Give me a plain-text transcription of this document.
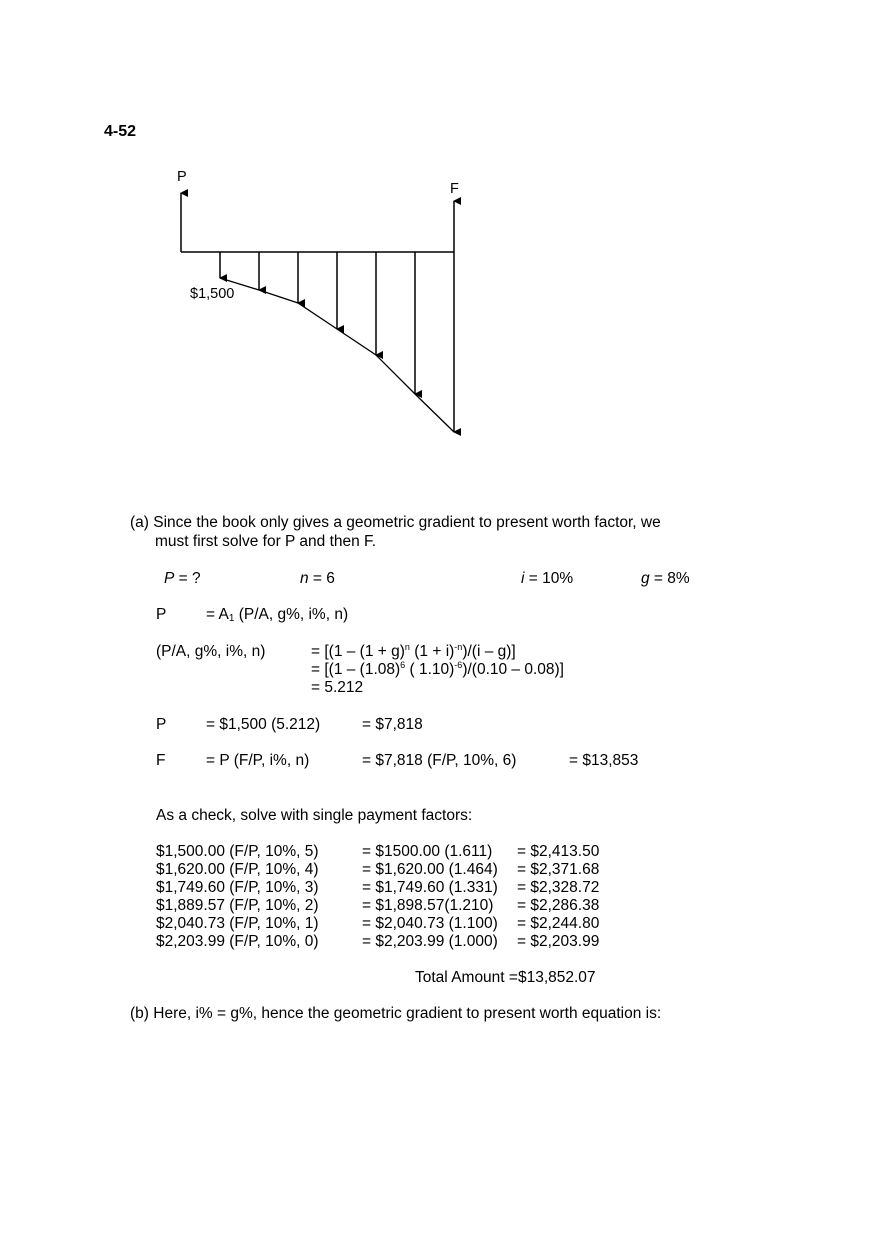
4-52
P
F
$1,500
(a) Since the book only gives a geometric gradient to present worth factor, we
must first solve for P and then F.
P = ?	n = 6	i = 10%	g = 8%
P	= $A_1$ (P/A, g%, i%, n)
(P/A, g%, i%, n)	= [($1 - (1 + g)^n$ $(1 + i)^{-n})/(i - g)$]
= [($1 - (1.08)^6$ ( 1.10)$^{-6}$)/(0.10 – 0.08)]
= 5.212
P	= $1,500 (5.212)	= $7,818
F	= P (F/P, i%, n)	= $7,818 (F/P, 10%, 6)	= $13,853
As a check, solve with single payment factors:
$1,500.00 (F/P, 10%, 5)	= $1500.00 (1.611) = $2,413.50
$1,620.00 (F/P, 10%, 4)	= $1,620.00 (1.464) = $2,371.68
$1,749.60 (F/P, 10%, 3)	= $1,749.60 (1.331) = $2,328.72
$1,889.57 (F/P, 10%, 2)	= $1,898.57(1.210) = $2,286.38
$2,040.73 (F/P, 10%, 1)	= $2,040.73 (1.100) = $2,244.80
$2,203.99 (F/P, 10%, 0)	= $2,203.99 (1.000) = $2,203.99
Total Amount =$13,852.07
(b) Here, i% = g%, hence the geometric gradient to present worth equation is:
